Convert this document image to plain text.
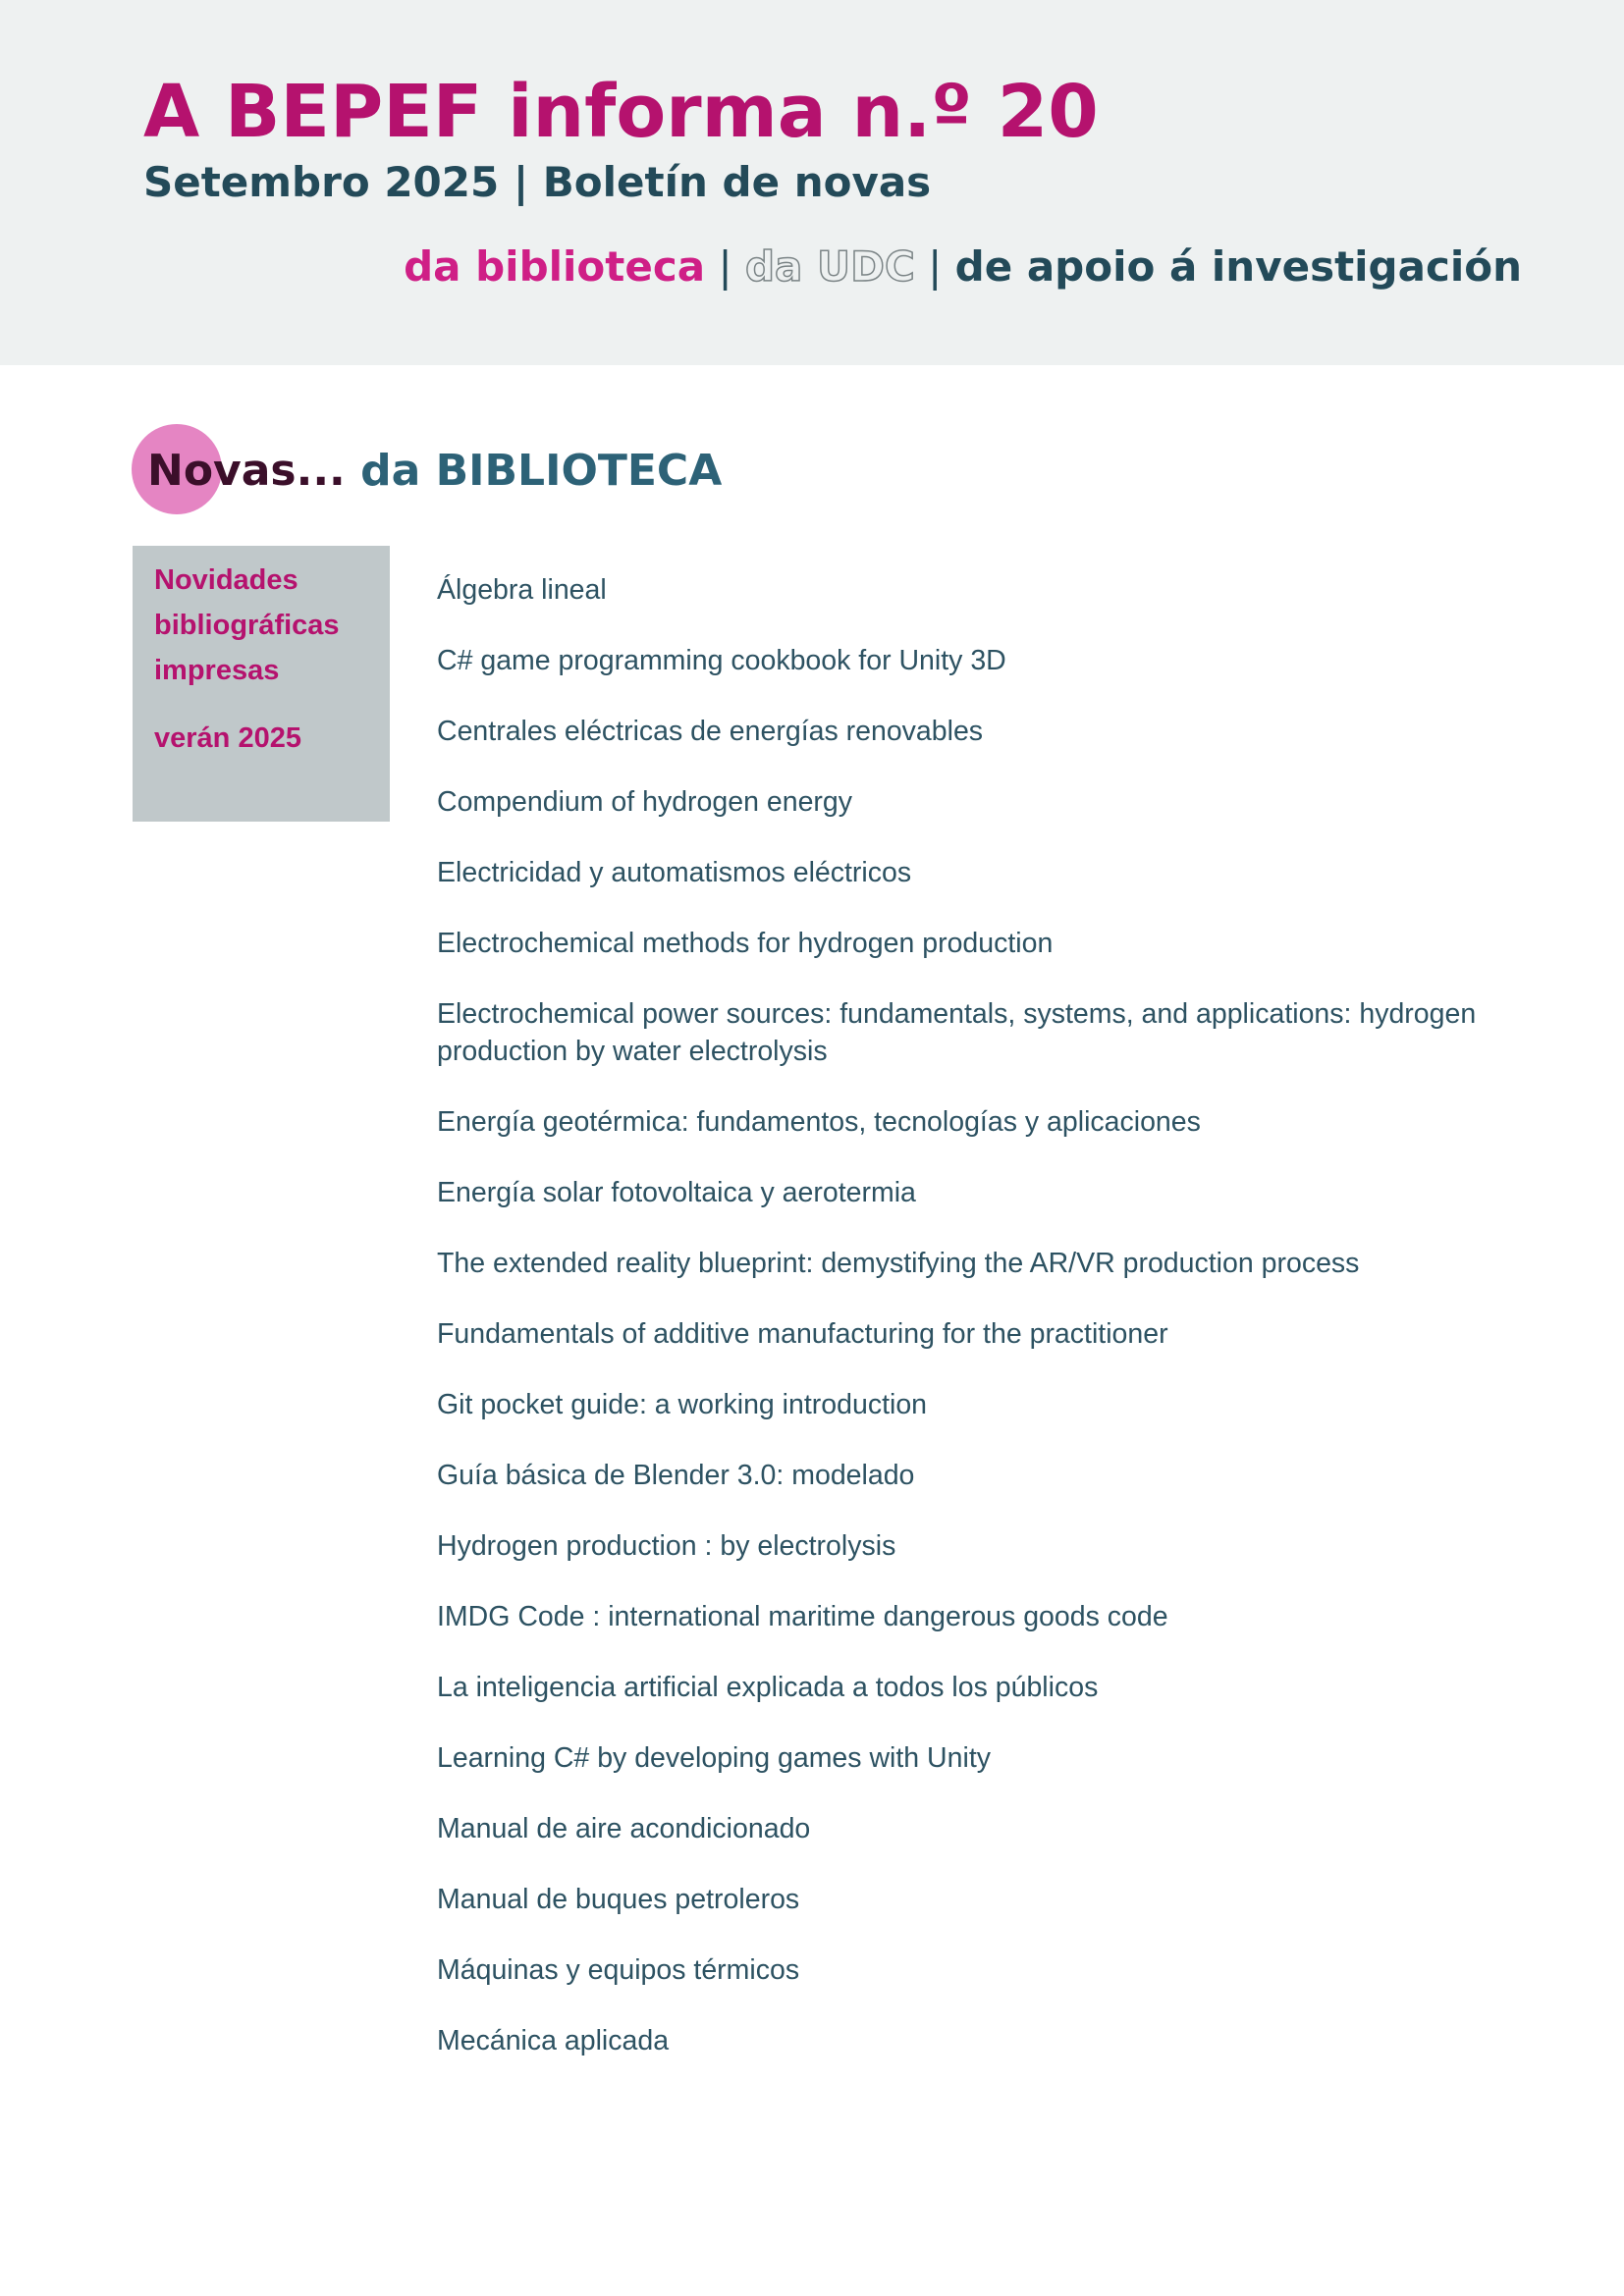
A BEPEF informa n.º 20
Setembro 2025 | Boletín de novas
da biblioteca | da UDC | de apoio á investigación
Novas... da BIBLIOTECA
Novidades bibliográficas impresas
verán 2025
Álgebra lineal
C# game programming cookbook for Unity 3D
Centrales eléctricas de energías renovables
Compendium of hydrogen energy
Electricidad y automatismos eléctricos
Electrochemical methods for hydrogen production
Electrochemical power sources: fundamentals, systems, and applications: hydrogen production by water electrolysis
Energía geotérmica: fundamentos, tecnologías y aplicaciones
Energía solar fotovoltaica y aerotermia
The extended reality blueprint: demystifying the AR/VR production process
Fundamentals of additive manufacturing for the practitioner
Git pocket guide: a working introduction
Guía básica de Blender 3.0: modelado
Hydrogen production : by electrolysis
IMDG Code : international maritime dangerous goods code
La inteligencia artificial explicada a todos los públicos
Learning C# by developing games with Unity
Manual de aire acondicionado
Manual de buques petroleros
Máquinas y equipos térmicos
Mecánica aplicada
